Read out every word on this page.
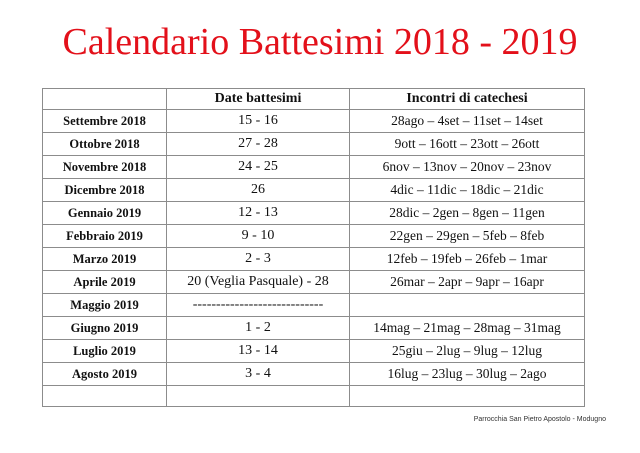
Calendario Battesimi 2018 - 2019
	Date battesimi	Incontri di catechesi
Settembre 2018	15 - 16	28ago – 4set – 11set – 14set
Ottobre 2018	27 - 28	9ott – 16ott – 23ott – 26ott
Novembre 2018	24 - 25	6nov – 13nov – 20nov – 23nov
Dicembre 2018	26	4dic – 11dic – 18dic – 21dic
Gennaio 2019	12 - 13	28dic – 2gen – 8gen – 11gen
Febbraio 2019	9 - 10	22gen – 29gen – 5feb – 8feb
Marzo 2019	2 - 3	12feb – 19feb – 26feb – 1mar
Aprile 2019	20 (Veglia Pasquale) - 28	26mar – 2apr – 9apr – 16apr
Maggio 2019	----------------------------	
Giugno 2019	1 - 2	14mag – 21mag – 28mag – 31mag
Luglio 2019	13 - 14	25giu – 2lug – 9lug – 12lug
Agosto 2019	3 - 4	16lug – 23lug – 30lug – 2ago

Parrocchia San Pietro Apostolo - Modugno
